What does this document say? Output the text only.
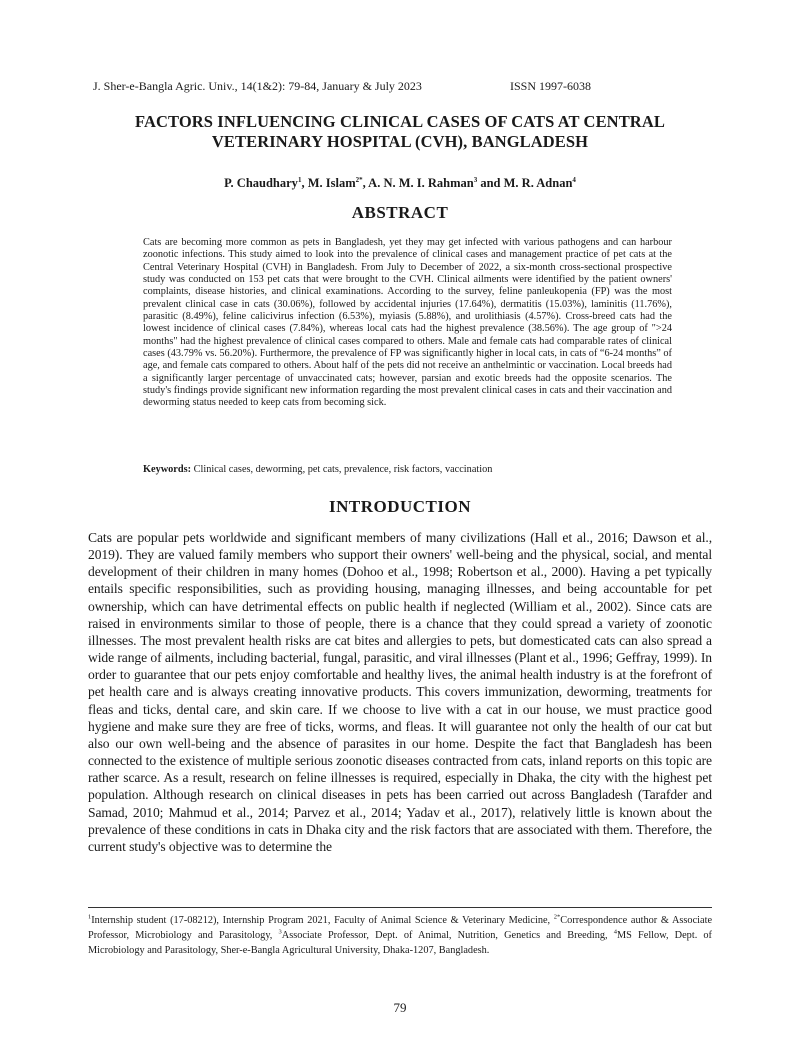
J. Sher-e-Bangla Agric. Univ., 14(1&2): 79-84, January & July 2023	ISSN 1997-6038
FACTORS INFLUENCING CLINICAL CASES OF CATS AT CENTRAL
VETERINARY HOSPITAL (CVH), BANGLADESH
P. Chaudhary$^1$, M. Islam$^{2*}$, A. N. M. I. Rahman$^3$ and M. R. Adnan$^4$
ABSTRACT

Cats are becoming more common as pets in Bangladesh, yet they may get infected with various pathogens and can harbour zoonotic infections. This study aimed to look into the prevalence of clinical cases and management practice of pet cats at the Central Veterinary Hospital (CVH) in Bangladesh. From July to December of 2022, a six-month cross-sectional prospective study was conducted on 153 pet cats that were brought to the CVH. Clinical ailments were identified by the patient owners' complaints, disease histories, and clinical examinations. According to the survey, feline panleukopenia (FP) was the most prevalent clinical case in cats (30.06%), followed by accidental injuries (17.64%), dermatitis (15.03%), laminitis (11.76%), parasitic (8.49%), feline calicivirus infection (6.53%), myiasis (5.88%), and urolithiasis (4.57%). Cross-breed cats had the lowest incidence of clinical cases (7.84%), whereas local cats had the highest prevalence (38.56%). The age group of ">24 months" had the highest prevalence of clinical cases compared to others. Male and female cats had comparable rates of clinical cases (43.79% vs. 56.20%). Furthermore, the prevalence of FP was significantly higher in local cats, in cats of “6-24 months” of age, and female cats compared to others. About half of the pets did not receive an anthelmintic or vaccination. Local breeds had a significantly larger percentage of unvaccinated cats; however, parsian and exotic breeds had the opposite scenarios. The study's findings provide significant new information regarding the most prevalent clinical cases in cats and their vaccination and deworming status needed to keep cats from becoming sick.

Keywords: Clinical cases, deworming, pet cats, prevalence, risk factors, vaccination
INTRODUCTION

Cats are popular pets worldwide and significant members of many civilizations (Hall et al., 2016; Dawson et al., 2019). They are valued family members who support their owners' well-being and the physical, social, and mental development of their children in many homes (Dohoo et al., 1998; Robertson et al., 2000). Having a pet typically entails specific responsibilities, such as providing housing, managing illnesses, and being accountable for pet ownership, which can have detrimental effects on public health if neglected (William et al., 2002). Since cats are raised in environments similar to those of people, there is a chance that they could spread a variety of zoonotic illnesses. The most prevalent health risks are cat bites and allergies to pets, but domesticated cats can also spread a wide range of ailments, including bacterial, fungal, parasitic, and viral illnesses (Plant et al., 1996; Geffray, 1999). In order to guarantee that our pets enjoy comfortable and healthy lives, the animal health industry is at the forefront of pet health care and is always creating innovative products. This covers immunization, deworming, treatments for fleas and ticks, dental care, and skin care. If we choose to live with a cat in our house, we must practice good hygiene and make sure they are free of ticks, worms, and fleas. It will guarantee not only the health of our cat but also our own well-being and the absence of parasites in our home. Despite the fact that Bangladesh has been connected to the existence of multiple serious zoonotic diseases contracted from cats, inland reports on this topic are rather scarce. As a result, research on feline illnesses is required, especially in Dhaka, the city with the highest pet population. Although research on clinical diseases in pets has been carried out across Bangladesh (Tarafder and Samad, 2010; Mahmud et al., 2014; Parvez et al., 2014; Yadav et al., 2017), relatively little is known about the prevalence of these conditions in cats in Dhaka city and the risk factors that are associated with them. Therefore, the current study's objective was to determine the

$^1$Internship student (17-08212), Internship Program 2021, Faculty of Animal Science & Veterinary Medicine, $^{2*}$Correspondence author & Associate Professor, Microbiology and Parasitology, $^3$Associate Professor, Dept. of Animal, Nutrition, Genetics and Breeding, $^4$MS Fellow, Dept. of Microbiology and Parasitology, Sher-e-Bangla Agricultural University, Dhaka-1207, Bangladesh.
79
